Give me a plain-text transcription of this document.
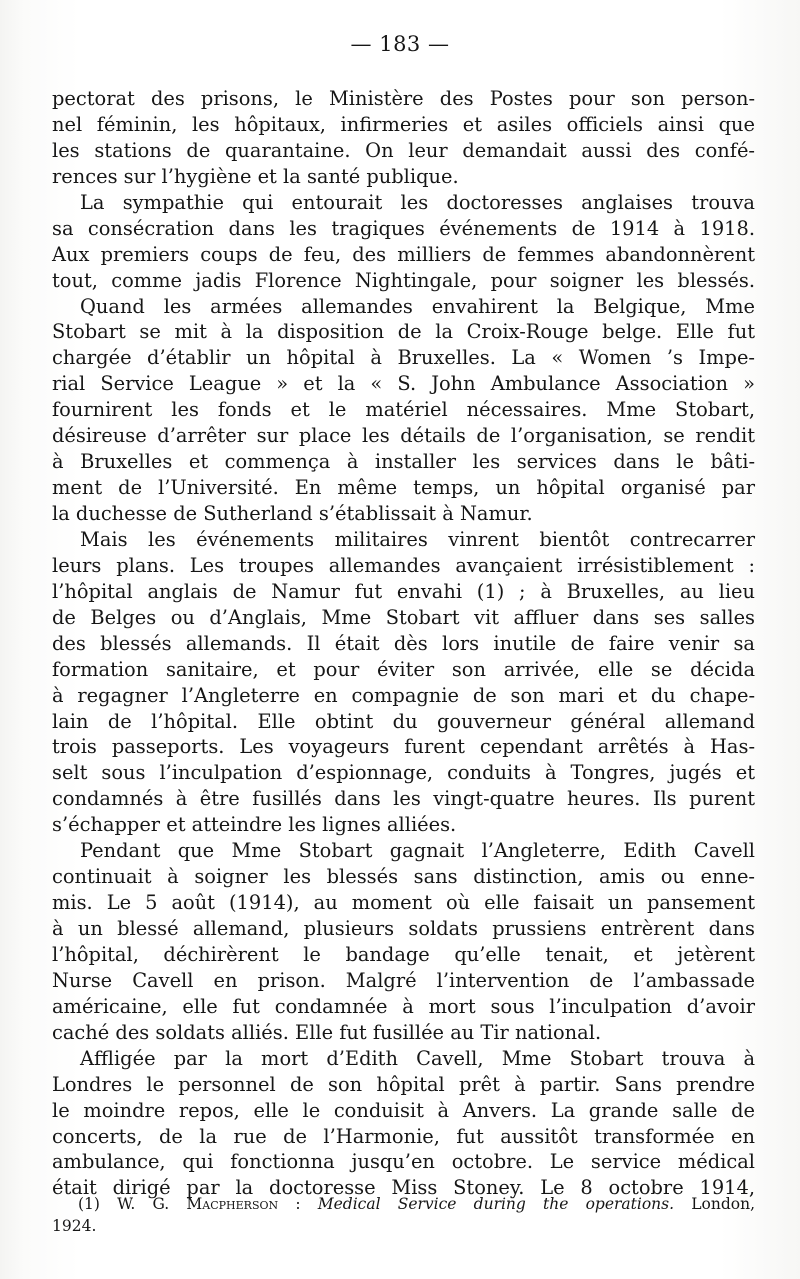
— 183 —
pectorat des prisons, le Ministère des Postes pour son person-
nel féminin, les hôpitaux, infirmeries et asiles officiels ainsi que
les stations de quarantaine. On leur demandait aussi des confé-
rences sur l’hygiène et la santé publique.
La sympathie qui entourait les doctoresses anglaises trouva
sa consécration dans les tragiques événements de 1914 à 1918.
Aux premiers coups de feu, des milliers de femmes abandonnèrent
tout, comme jadis Florence Nightingale, pour soigner les blessés.
Quand les armées allemandes envahirent la Belgique, Mme
Stobart se mit à la disposition de la Croix-Rouge belge. Elle fut
chargée d’établir un hôpital à Bruxelles. La « Women ’s Impe-
rial Service League » et la « S. John Ambulance Association »
fournirent les fonds et le matériel nécessaires. Mme Stobart,
désireuse d’arrêter sur place les détails de l’organisation, se rendit
à Bruxelles et commença à installer les services dans le bâti-
ment de l’Université. En même temps, un hôpital organisé par
la duchesse de Sutherland s’établissait à Namur.
Mais les événements militaires vinrent bientôt contrecarrer
leurs plans. Les troupes allemandes avançaient irrésistiblement :
l’hôpital anglais de Namur fut envahi (1) ; à Bruxelles, au lieu
de Belges ou d’Anglais, Mme Stobart vit affluer dans ses salles
des blessés allemands. Il était dès lors inutile de faire venir sa
formation sanitaire, et pour éviter son arrivée, elle se décida
à regagner l’Angleterre en compagnie de son mari et du chape-
lain de l’hôpital. Elle obtint du gouverneur général allemand
trois passeports. Les voyageurs furent cependant arrêtés à Has-
selt sous l’inculpation d’espionnage, conduits à Tongres, jugés et
condamnés à être fusillés dans les vingt-quatre heures. Ils purent
s’échapper et atteindre les lignes alliées.
Pendant que Mme Stobart gagnait l’Angleterre, Edith Cavell
continuait à soigner les blessés sans distinction, amis ou enne-
mis. Le 5 août (1914), au moment où elle faisait un pansement
à un blessé allemand, plusieurs soldats prussiens entrèrent dans
l’hôpital, déchirèrent le bandage qu’elle tenait, et jetèrent
Nurse Cavell en prison. Malgré l’intervention de l’ambassade
américaine, elle fut condamnée à mort sous l’inculpation d’avoir
caché des soldats alliés. Elle fut fusillée au Tir national.
Affligée par la mort d’Edith Cavell, Mme Stobart trouva à
Londres le personnel de son hôpital prêt à partir. Sans prendre
le moindre repos, elle le conduisit à Anvers. La grande salle de
concerts, de la rue de l’Harmonie, fut aussitôt transformée en
ambulance, qui fonctionna jusqu’en octobre. Le service médical
était dirigé par la doctoresse Miss Stoney. Le 8 octobre 1914,
(1) W. G. Macpherson : Medical Service during the operations. London,
1924.
